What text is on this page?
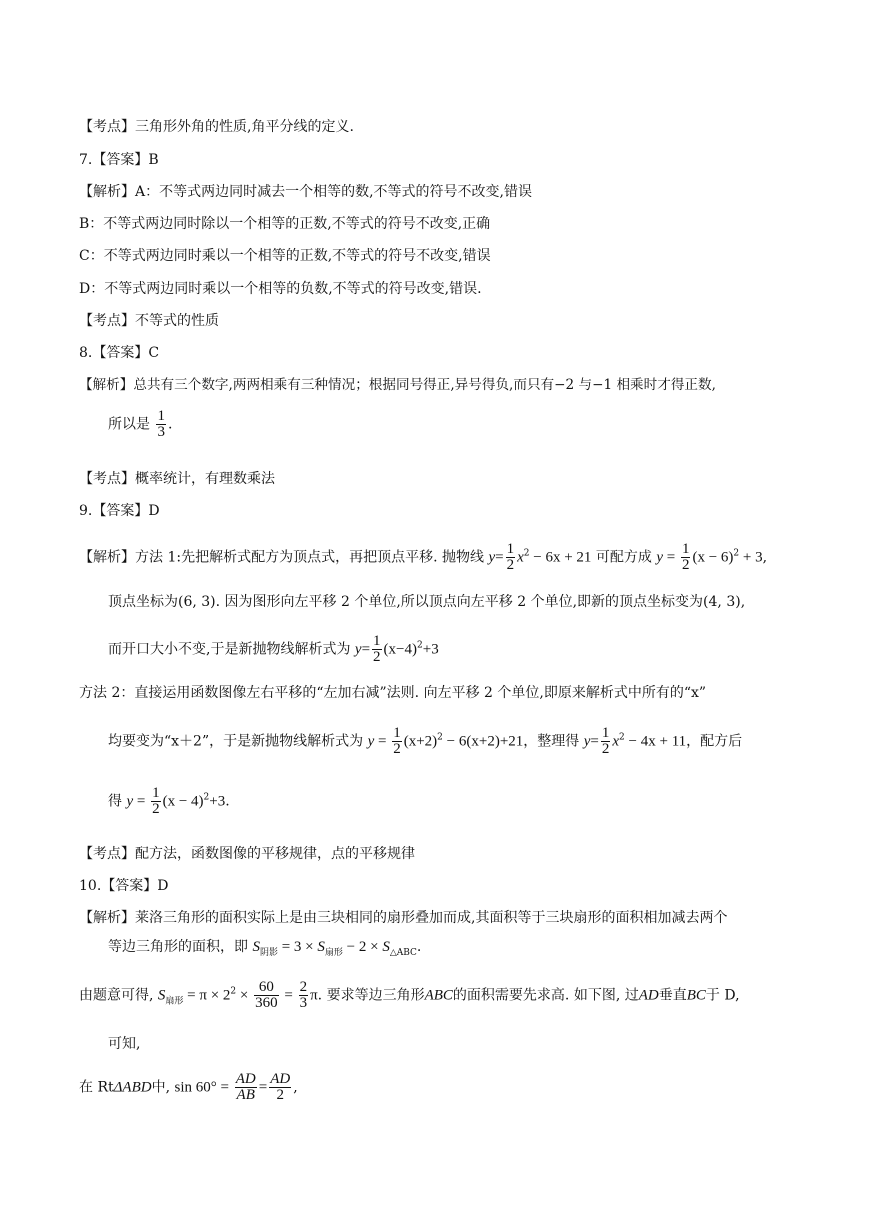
【考点】三角形外角的性质,角平分线的定义.
7.【答案】B
【解析】A：不等式两边同时减去一个相等的数,不等式的符号不改变,错误
B：不等式两边同时除以一个相等的正数,不等式的符号不改变,正确
C：不等式两边同时乘以一个相等的正数,不等式的符号不改变,错误
D：不等式两边同时乘以一个相等的负数,不等式的符号改变,错误.
【考点】不等式的性质
8.【答案】C
【解析】总共有三个数字,两两相乘有三种情况；根据同号得正,异号得负,而只有−2 与−1 相乘时才得正数,
所以是 $\frac{1}{3}$ .
【考点】概率统计，有理数乘法
9.【答案】D
【解析】方法 1:先把解析式配方为顶点式，再把顶点平移. 抛物线 $y= \frac{1}{2} x^2 - 6x + 21$ 可配方成 $y = \frac{1}{2} (x - 6)^2 + 3$,
顶点坐标为(6, 3). 因为图形向左平移 2 个单位,所以顶点向左平移 2 个单位,即新的顶点坐标变为(4, 3),
而开口大小不变,于是新抛物线解析式为 $y= \frac{1}{2} (x-4)^2+3$
方法 2：直接运用函数图像左右平移的“左加右减”法则. 向左平移 2 个单位,即原来解析式中所有的“x”
均要变为“x＋2”，于是新抛物线解析式为 $y = \frac{1}{2} (x+2)^2 - 6(x+2)+21$，整理得 $y= \frac{1}{2} x^2 - 4x + 11$，配方后
得 $y = \frac{1}{2} (x - 4)^2+3$.
【考点】配方法，函数图像的平移规律，点的平移规律
10.【答案】D
【解析】莱洛三角形的面积实际上是由三块相同的扇形叠加而成,其面积等于三块扇形的面积相加减去两个
等边三角形的面积，即 $S_{阴影} = 3 \times S_{扇形} - 2 \times S_{\triangle ABC}$.
由题意可得, $S_{扇形} = \pi \times 2^2 \times \frac{60}{360} = \frac{2}{3} \pi$. 要求等边三角形ABC的面积需要先求高. 如下图, 过AD垂直BC于 D,
可知,
在 RtΔABD中, $\sin 60^\circ = \frac{AD}{AB} = \frac{AD}{2}$ ,
